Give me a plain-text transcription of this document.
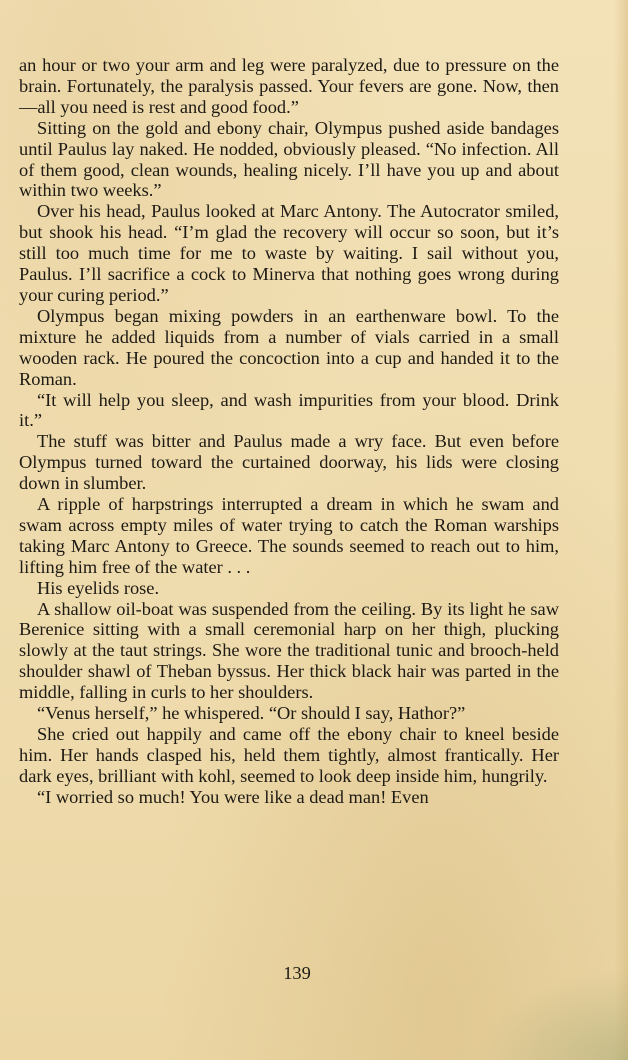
an hour or two your arm and leg were paralyzed, due to pressure on the brain. Fortunately, the paralysis passed. Your fevers are gone. Now, then—all you need is rest and good food.”

Sitting on the gold and ebony chair, Olympus pushed aside bandages until Paulus lay naked. He nodded, obviously pleased. “No infection. All of them good, clean wounds, healing nicely. I’ll have you up and about within two weeks.”

Over his head, Paulus looked at Marc Antony. The Autocrator smiled, but shook his head. “I’m glad the recovery will occur so soon, but it’s still too much time for me to waste by waiting. I sail without you, Paulus. I’ll sacrifice a cock to Minerva that nothing goes wrong during your curing period.”

Olympus began mixing powders in an earthenware bowl. To the mixture he added liquids from a number of vials carried in a small wooden rack. He poured the concoction into a cup and handed it to the Roman.

“It will help you sleep, and wash impurities from your blood. Drink it.”

The stuff was bitter and Paulus made a wry face. But even before Olympus turned toward the curtained doorway, his lids were closing down in slumber.

A ripple of harpstrings interrupted a dream in which he swam and swam across empty miles of water trying to catch the Roman warships taking Marc Antony to Greece. The sounds seemed to reach out to him, lifting him free of the water . . .

His eyelids rose.

A shallow oil-boat was suspended from the ceiling. By its light he saw Berenice sitting with a small ceremonial harp on her thigh, plucking slowly at the taut strings. She wore the traditional tunic and brooch-held shoulder shawl of Theban byssus. Her thick black hair was parted in the middle, falling in curls to her shoulders.

“Venus herself,” he whispered. “Or should I say, Hathor?”

She cried out happily and came off the ebony chair to kneel beside him. Her hands clasped his, held them tightly, almost frantically. Her dark eyes, brilliant with kohl, seemed to look deep inside him, hungrily.

“I worried so much! You were like a dead man! Even

139
